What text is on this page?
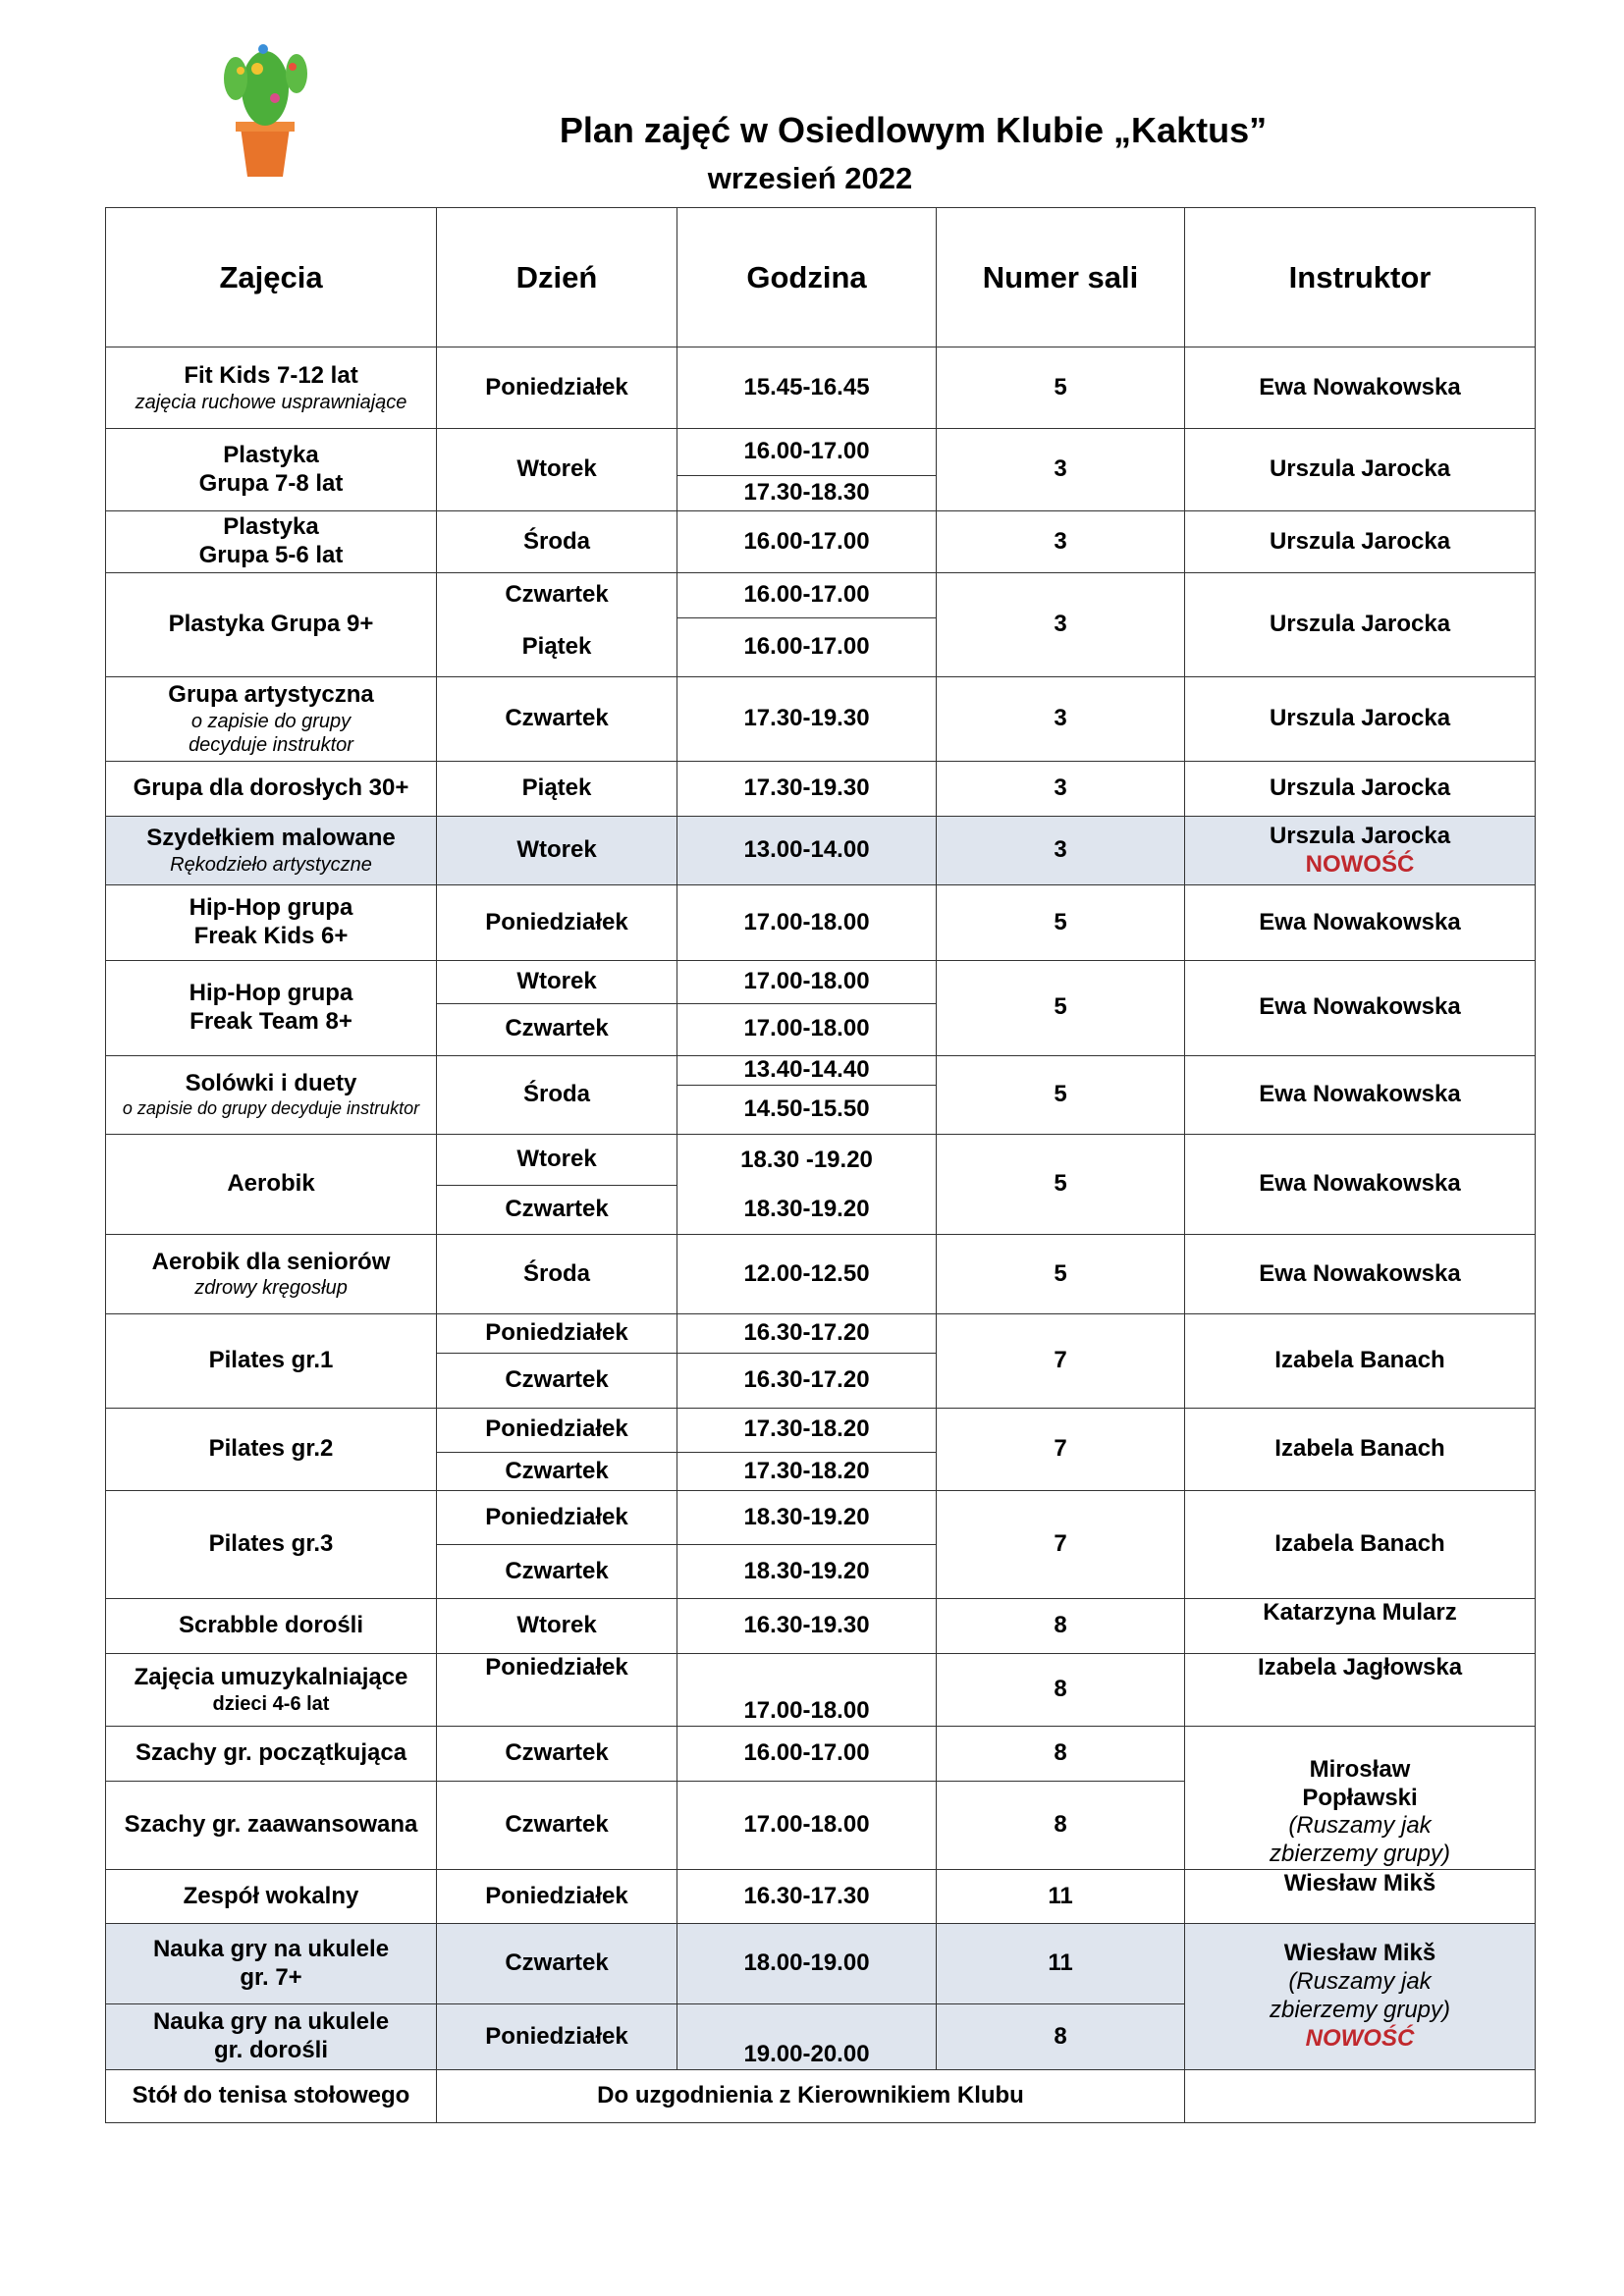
Plan zajęć w Osiedlowym Klubie „Kaktus”
wrzesień 2022
Zajęcia	Dzień	Godzina	Numer sali	Instruktor
Fit Kids 7-12 lat
zajęcia ruchowe usprawniające	Poniedziałek	15.45-16.45	5	Ewa Nowakowska
Plastyka
Grupa 7-8 lat	Wtorek	16.00-17.00	3	Urszula Jarocka
		17.30-18.30		
Plastyka
Grupa 5-6 lat	Środa	16.00-17.00	3	Urszula Jarocka
Plastyka Grupa 9+	Czwartek	16.00-17.00	3	Urszula Jarocka
	Piątek	16.00-17.00		
Grupa artystyczna
o zapisie do grupy
decyduje instruktor	Czwartek	17.30-19.30	3	Urszula Jarocka
Grupa dla dorosłych 30+	Piątek	17.30-19.30	3	Urszula Jarocka
Szydełkiem malowane
Rękodzieło artystyczne	Wtorek	13.00-14.00	3	Urszula Jarocka
NOWOŚĆ

Hip-Hop grupa
Freak Kids 6+	Poniedziałek	17.00-18.00	5	Ewa Nowakowska
Hip-Hop grupa
Freak Team 8+	Wtorek	17.00-18.00	5	Ewa Nowakowska
	Czwartek	17.00-18.00		
Solówki i duety
o zapisie do grupy decyduje instruktor	Środa	13.40-14.40	5	Ewa Nowakowska
		14.50-15.50		
Aerobik	Wtorek	18.30 -19.20	5	Ewa Nowakowska
	Czwartek	18.30-19.20		
Aerobik dla seniorów
zdrowy kręgosłup	Środa	12.00-12.50	5	Ewa Nowakowska
Pilates gr.1	Poniedziałek	16.30-17.20	7	Izabela Banach
	Czwartek	16.30-17.20		
Pilates gr.2	Poniedziałek	17.30-18.20	7	Izabela Banach
	Czwartek	17.30-18.20		
Pilates gr.3	Poniedziałek	18.30-19.20	7	Izabela Banach
	Czwartek	18.30-19.20		
Scrabble dorośli	Wtorek	16.30-19.30	8	Katarzyna Mularz
Zajęcia umuzykalniające
dzieci 4-6 lat	Poniedziałek	17.00-18.00	8	Izabela Jagłowska
Szachy gr. początkująca	Czwartek	16.00-17.00	8	Mirosław
Popławski
(Ruszamy jak
zbierzemy grupy)

Szachy gr. zaawansowana	Czwartek	17.00-18.00	8	
Zespół wokalny	Poniedziałek	16.30-17.30	11	Wiesław Mikš
Nauka gry na ukulele
gr. 7+	Czwartek	18.00-19.00	11	Wiesław Mikš
(Ruszamy jak
zbierzemy grupy)
NOWOŚĆ

Nauka gry na ukulele
gr. dorośli	Poniedziałek	19.00-20.00	8	
Stół do tenisa stołowego	Do uzgodnienia z Kierownikiem Klubu			
